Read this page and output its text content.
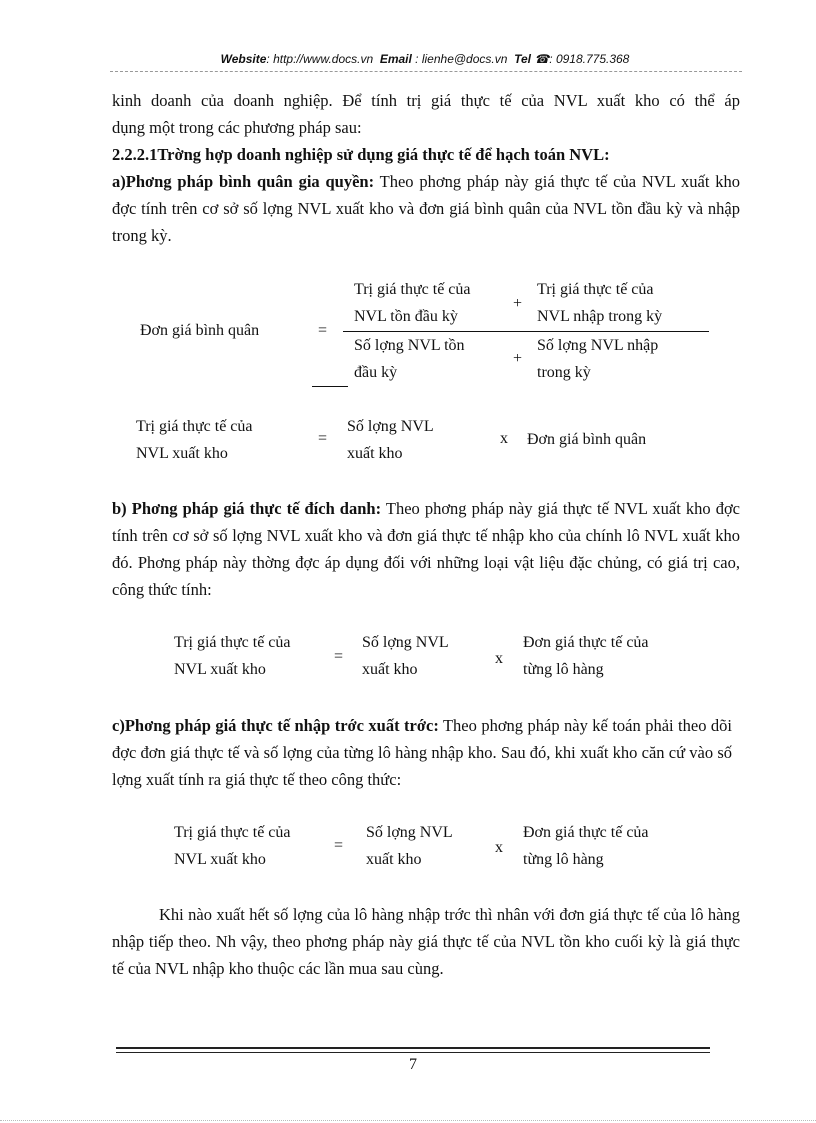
Website: http://www.docs.vn Email : lienhe@docs.vn Tel ☎: 0918.775.368
kinh doanh của doanh nghiệp. Để tính trị giá thực tế của NVL xuất kho có thể áp
dụng một trong các phương pháp sau:
2.2.2.1Trờng hợp doanh nghiệp sử dụng giá thực tế để hạch toán NVL:
a)Phơng pháp bình quân gia quyền: Theo phơng pháp này giá thực tế của NVL xuất kho đợc tính trên cơ sở số lợng NVL xuất kho và đơn giá bình quân của NVL tồn đầu kỳ và nhập trong kỳ.
Đơn giá bình quân	=
Trị giá thực tế của
NVL tồn đầu kỳ
+
Trị giá thực tế của
NVL nhập trong kỳ
Số lợng NVL tồn
đầu kỳ
+
Số lợng NVL nhập
trong kỳ
Trị giá thực tế của
NVL xuất kho
=
Số lợng NVL
xuất kho
x Đơn giá bình quân
b) Phơng pháp giá thực tế đích danh: Theo phơng pháp này giá thực tế NVL xuất kho đợc tính trên cơ sở số lợng NVL xuất kho và đơn giá thực tế nhập kho của chính lô NVL xuất kho đó. Phơng pháp này thờng đợc áp dụng đối với những loại vật liệu đặc chủng, có giá trị cao, công thức tính:
Trị giá thực tế của
NVL xuất kho
=
Số lợng NVL
xuất kho
x
Đơn giá thực tế của
từng lô hàng
c)Phơng pháp giá thực tế nhập trớc xuất trớc: Theo phơng pháp này kế toán phải theo dõi đợc đơn giá thực tế và số lợng của từng lô hàng nhập kho. Sau đó, khi xuất kho căn cứ vào số lợng xuất tính ra giá thực tế theo công thức:
Trị giá thực tế của
NVL xuất kho
=
Số lợng NVL
xuất kho
x
Đơn giá thực tế của
từng lô hàng
Khi nào xuất hết số lợng của lô hàng nhập trớc thì nhân với đơn giá thực tế của lô hàng nhập tiếp theo. Nh vậy, theo phơng pháp này giá thực tế của NVL tồn kho cuối kỳ là giá thực tế của NVL nhập kho thuộc các lần mua sau cùng.
7
